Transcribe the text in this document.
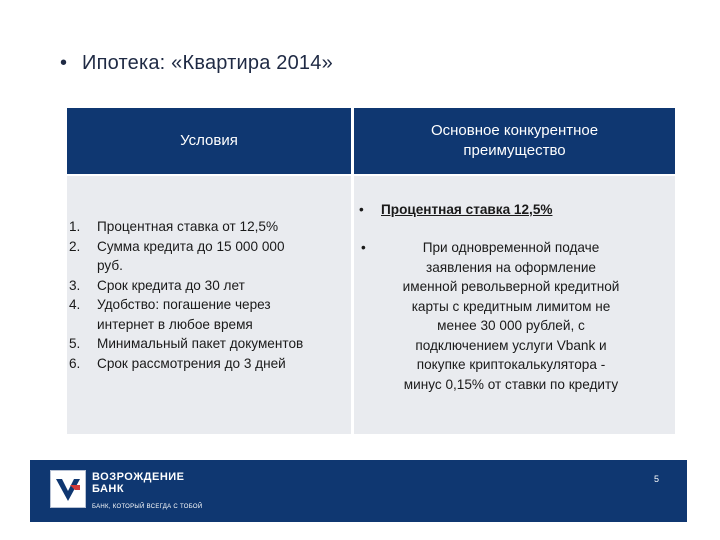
• Ипотека: «Квартира 2014»
Условия
Основное конкурентное
преимущество
1. Процентная ставка от 12,5%
2. Сумма кредита до 15 000 000
руб.
3. Срок кредита до 30 лет
4. Удобство: погашение через
интернет в любое время
5. Минимальный пакет документов
6. Срок рассмотрения до 3 дней
• Процентная ставка 12,5%
•	При одновременной подаче
заявления на оформление
именной револьверной кредитной
карты с кредитным лимитом не
менее 30 000 рублей, с
подключением услуги Vbank и
покупке криптокалькулятора -
минус 0,15% от ставки по кредиту
ВОЗРОЖДЕНИЕ
БАНК
БАНК, КОТОРЫЙ ВСЕГДА С ТОБОЙ
5
